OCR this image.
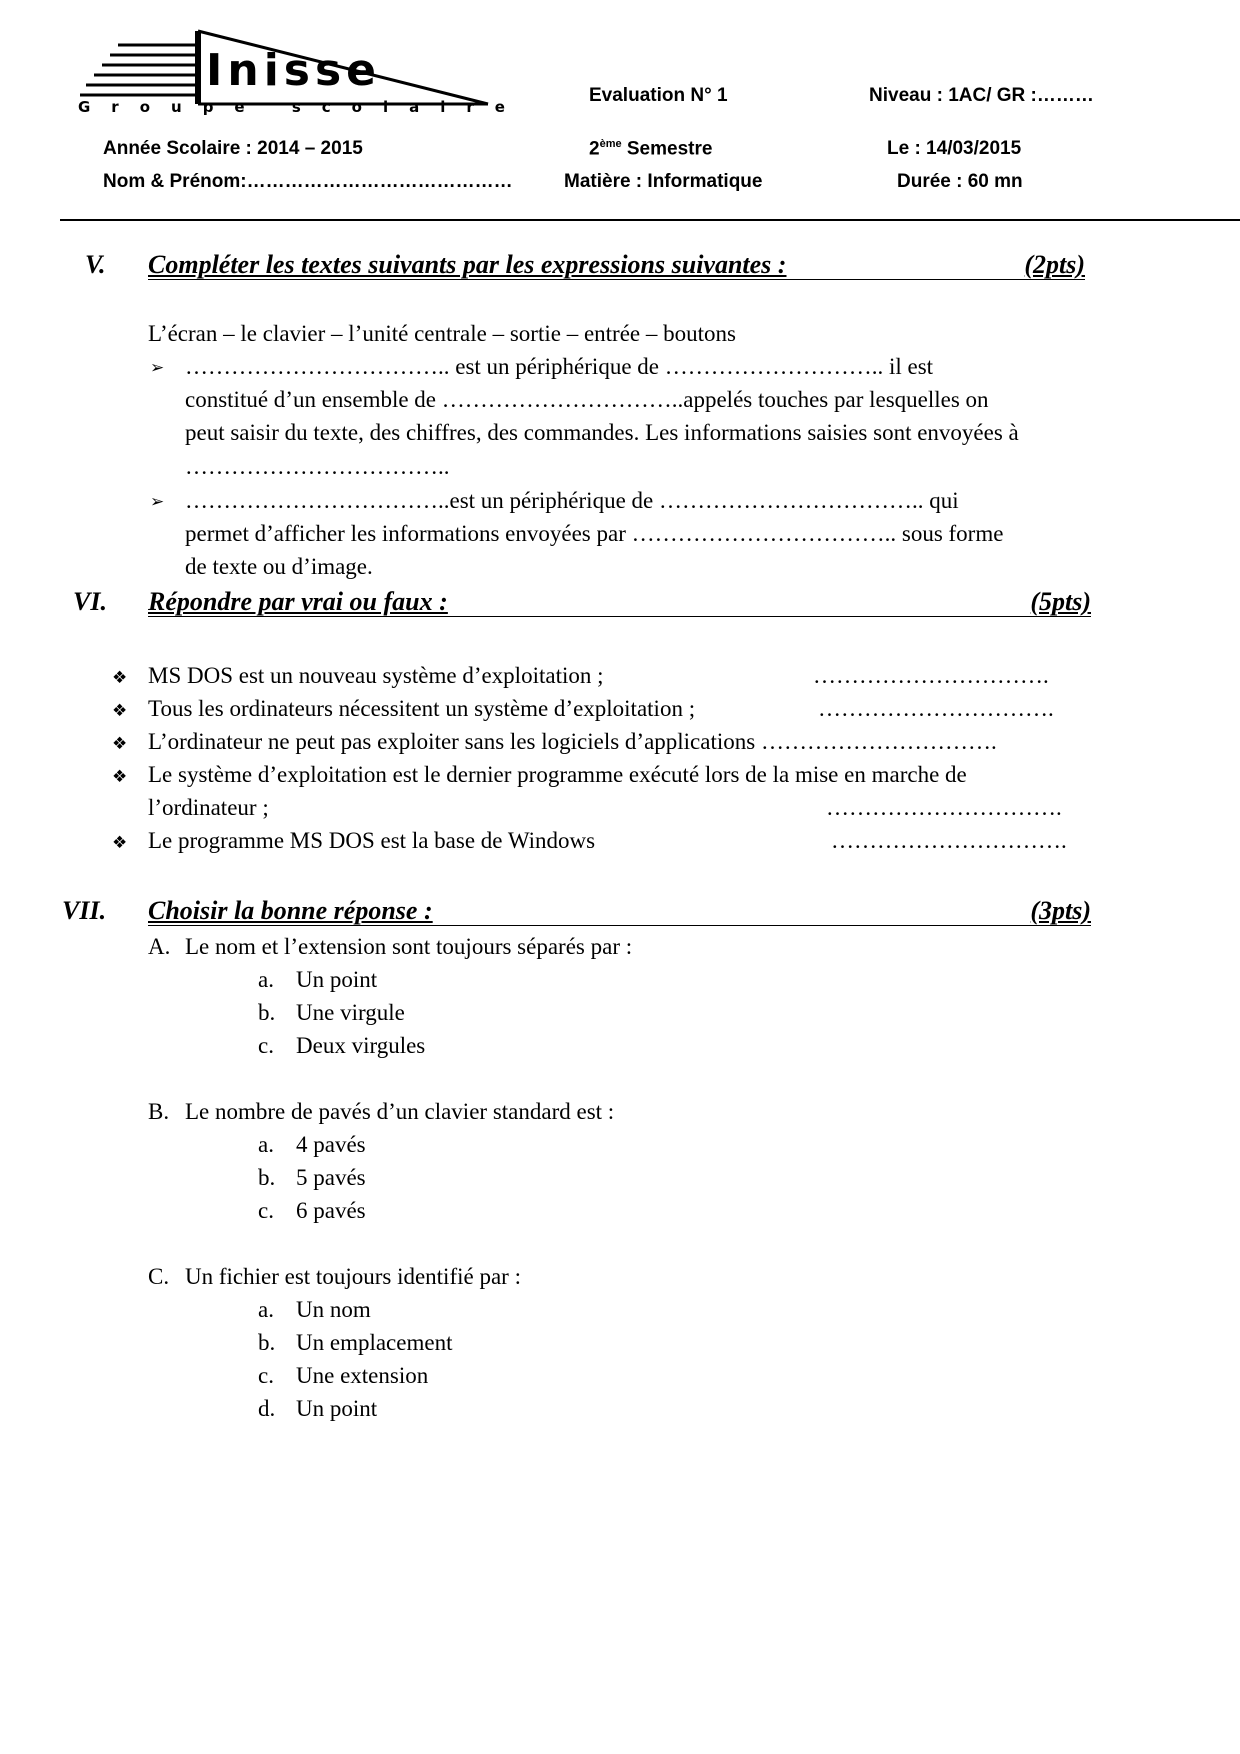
Inisse
Groupe scolaire
Evaluation N° 1	Niveau : 1AC/ GR :………
Année Scolaire : 2014 – 2015	2ème Semestre	Le : 14/03/2015
Nom & Prénom:……………………………………	Matière : Informatique	Durée : 60 mn
V. Compléter les textes suivants par les expressions suivantes :	(2pts)
L’écran – le clavier – l’unité centrale – sortie – entrée – boutons
➢ …………………………….. est un périphérique de ……………………….. il est
constitué d’un ensemble de …………………………..appelés touches par lesquelles on
peut saisir du texte, des chiffres, des commandes. Les informations saisies sont envoyées à
……………………………..
➢ ……………………………..est un périphérique de …………………………….. qui
permet d’afficher les informations envoyées par …………………………….. sous forme
de texte ou d’image.
VI. Répondre par vrai ou faux :	(5pts)
❖ MS DOS est un nouveau système d’exploitation ;	………………………….
❖ Tous les ordinateurs nécessitent un système d’exploitation ;	………………………….
❖ L’ordinateur ne peut pas exploiter sans les logiciels d’applications ………………………….
❖ Le système d’exploitation est le dernier programme exécuté lors de la mise en marche de
l’ordinateur ;	………………………….
❖ Le programme MS DOS est la base de Windows	………………………….
VII. Choisir la bonne réponse :	(3pts)
A. Le nom et l’extension sont toujours séparés par :
a. Un point
b. Une virgule
c. Deux virgules
B. Le nombre de pavés d’un clavier standard est :
a. 4 pavés
b. 5 pavés
c. 6 pavés
C. Un fichier est toujours identifié par :
a. Un nom
b. Un emplacement
c. Une extension
d. Un point
